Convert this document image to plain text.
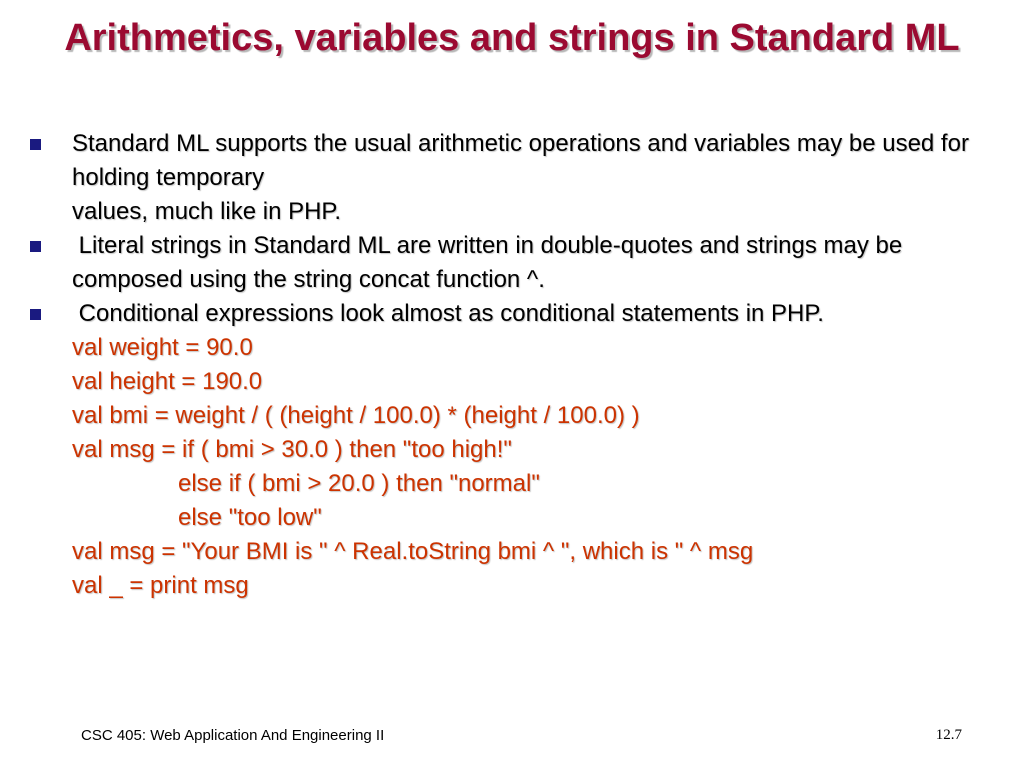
Arithmetics, variables and strings in Standard ML
Standard ML supports the usual arithmetic operations and variables may be used for holding temporary
values, much like in PHP.
Literal strings in Standard ML are written in double-quotes and strings may be composed using the string concat function ^.
Conditional expressions look almost as conditional statements in PHP.
val weight = 90.0
val height = 190.0
val bmi = weight / ( (height / 100.0) * (height / 100.0) )
val msg = if ( bmi > 30.0 ) then "too high!"
else if ( bmi > 20.0 ) then "normal"
else "too low"
val msg = "Your BMI is " ^ Real.toString bmi ^ ", which is " ^ msg
val _ = print msg
CSC 405: Web Application And Engineering II	12.7
